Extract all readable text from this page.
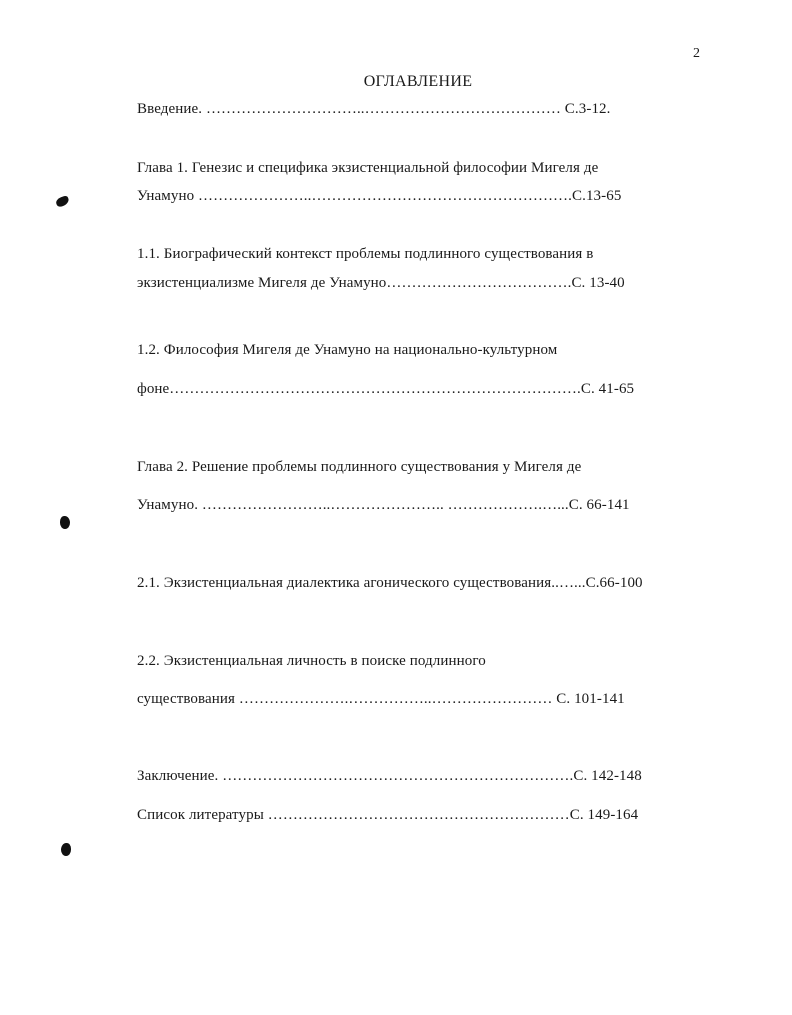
2
ОГЛАВЛЕНИЕ
Введение. …………………………..………………………………… С.3-12.
Глава 1. Генезис и специфика экзистенциальной философии Мигеля де
Унамуно …………………..…………………………………………….С.13-65
1.1. Биографический контекст проблемы подлинного существования в
экзистенциализме Мигеля де Унамуно……………………………….С. 13-40
1.2. Философия Мигеля де Унамуно на национально-культурном
фоне……………………………………………………………………….С. 41-65
Глава 2. Решение проблемы подлинного существования у Мигеля де
Унамуно. ……………………..………………….. ……………….…...С. 66-141
2.1. Экзистенциальная диалектика агонического существования..…...С.66-100
2.2. Экзистенциальная личность в поиске подлинного
существования ………………….……………..…………………… С. 101-141
Заключение. …………………………………………………………….С. 142-148
Список литературы ……………………………………………………С. 149-164
